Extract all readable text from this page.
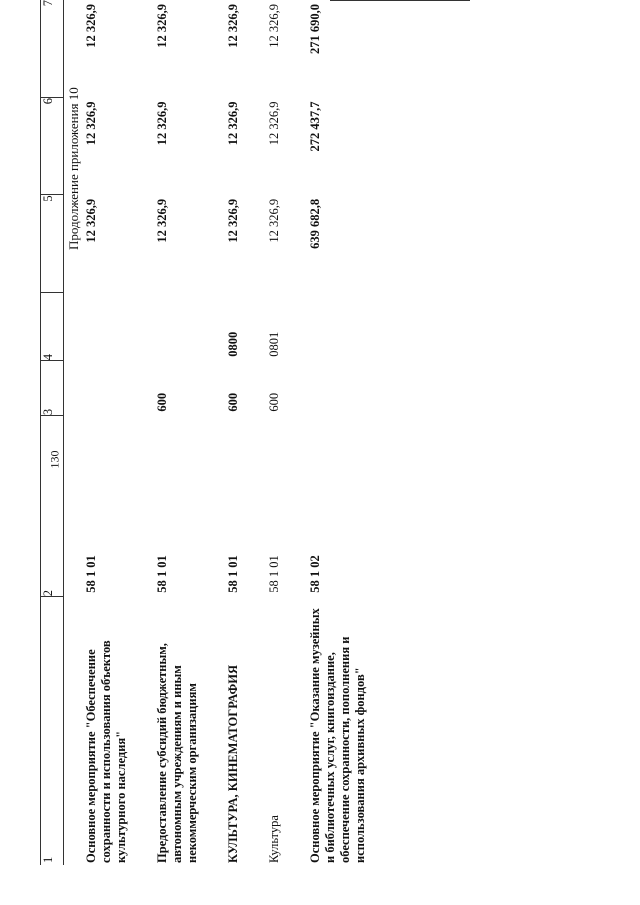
130
Продолжение приложения 10
1	2	3	4	5	6	7
Основное мероприятие "Обеспечение сохранности и использования объектов культурного наследия"	58 1 01			12 326,9	12 326,9	12 326,9
Предоставление субсидий бюджетным, автономным учреждениям и иным некоммерческим организациям	58 1 01	600		12 326,9	12 326,9	12 326,9
КУЛЬТУРА, КИНЕМАТОГРАФИЯ	58 1 01	600	0800	12 326,9	12 326,9	12 326,9
Культура	58 1 01	600	0801	12 326,9	12 326,9	12 326,9
Основное мероприятие "Оказание музейных и библиотечных услуг, книгоиздание, обеспечение сохранности, пополнения и использования архивных фондов"	58 1 02			639 682,8	272 437,7	271 690,0
